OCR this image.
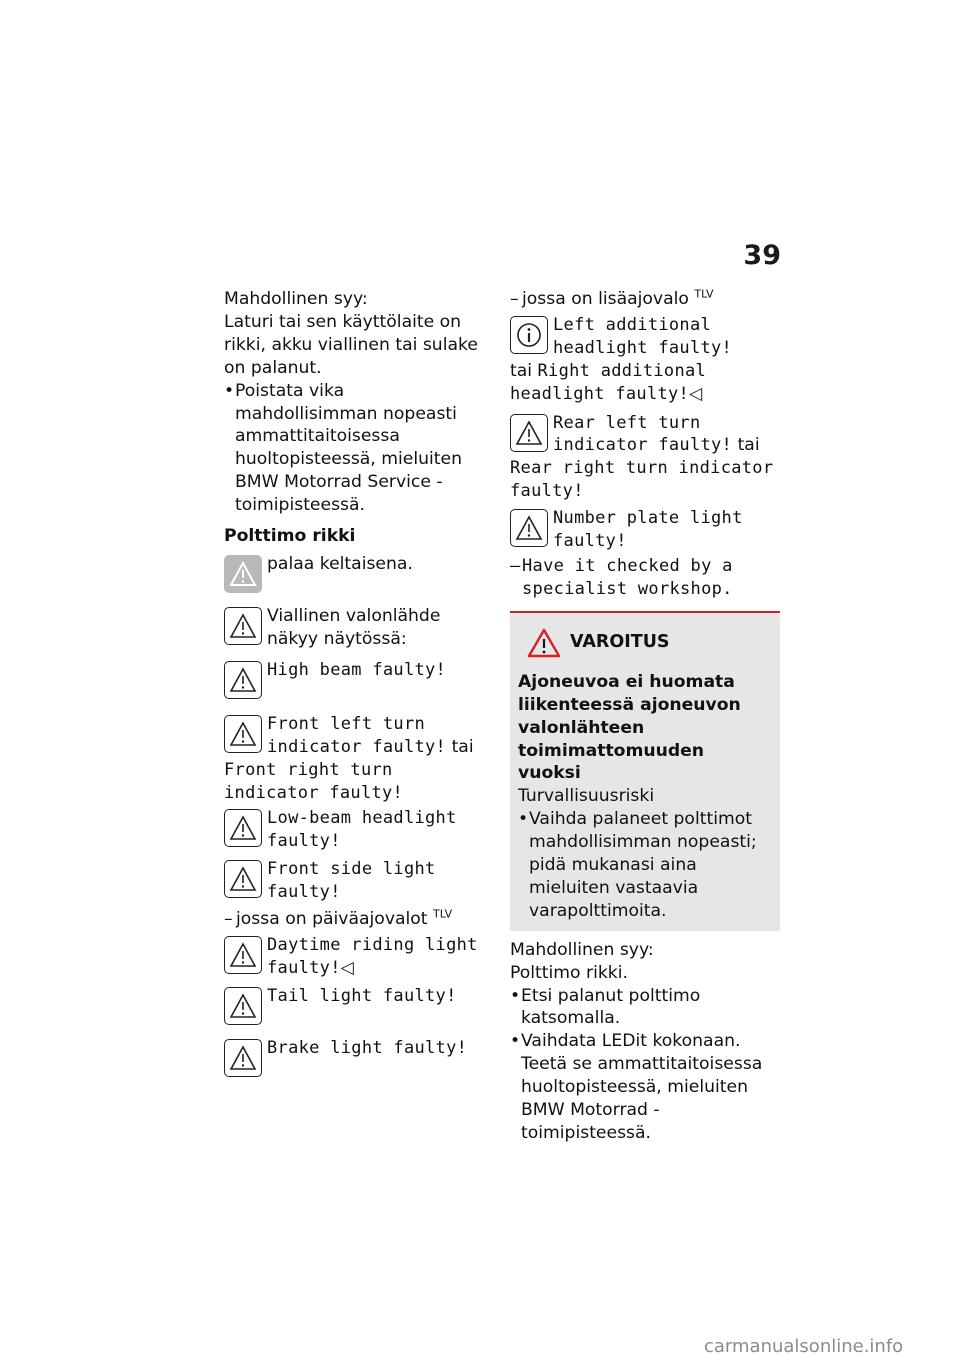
39

Mahdollinen syy:

Laturi tai sen käyttölaite on rikki, akku viallinen tai sulake on palanut.

• Poistata vika mahdollisimman nopeasti ammattitaitoisessa huoltopisteessä, mieluiten BMW Motorrad Service -toimipisteessä.

Polttimo rikki

palaa keltaisena.

Viallinen valonlähde näkyy näytössä:

High beam faulty!

Front left turn indicator faulty! tai

Front right turn indicator faulty!

Low-beam headlight faulty!

Front side light faulty!

– jossa on päiväajovalot $^{TLV}$

Daytime riding light faulty!◁

Tail light faulty!

Brake light faulty!

– jossa on lisäajovalo $^{TLV}$

Left additional headlight faulty!

tai Right additional headlight faulty!◁

Rear left turn indicator faulty! tai

Rear right turn indicator faulty!

Number plate light faulty!

– Have it checked by a specialist workshop.

VAROITUS

Ajoneuvoa ei huomata liikenteessä ajoneuvon valonlähteen toimimattomuuden vuoksi

Turvallisuusriski

• Vaihda palaneet polttimot mahdollisimman nopeasti; pidä mukanasi aina mieluiten vastaavia varapolttimoita.

Mahdollinen syy:

Polttimo rikki.

• Etsi palanut polttimo katsomalla.

• Vaihdata LEDit kokonaan. Teetä se ammattitaitoisessa huoltopisteessä, mieluiten BMW Motorrad -toimipisteessä.

carmanualsonline.info
